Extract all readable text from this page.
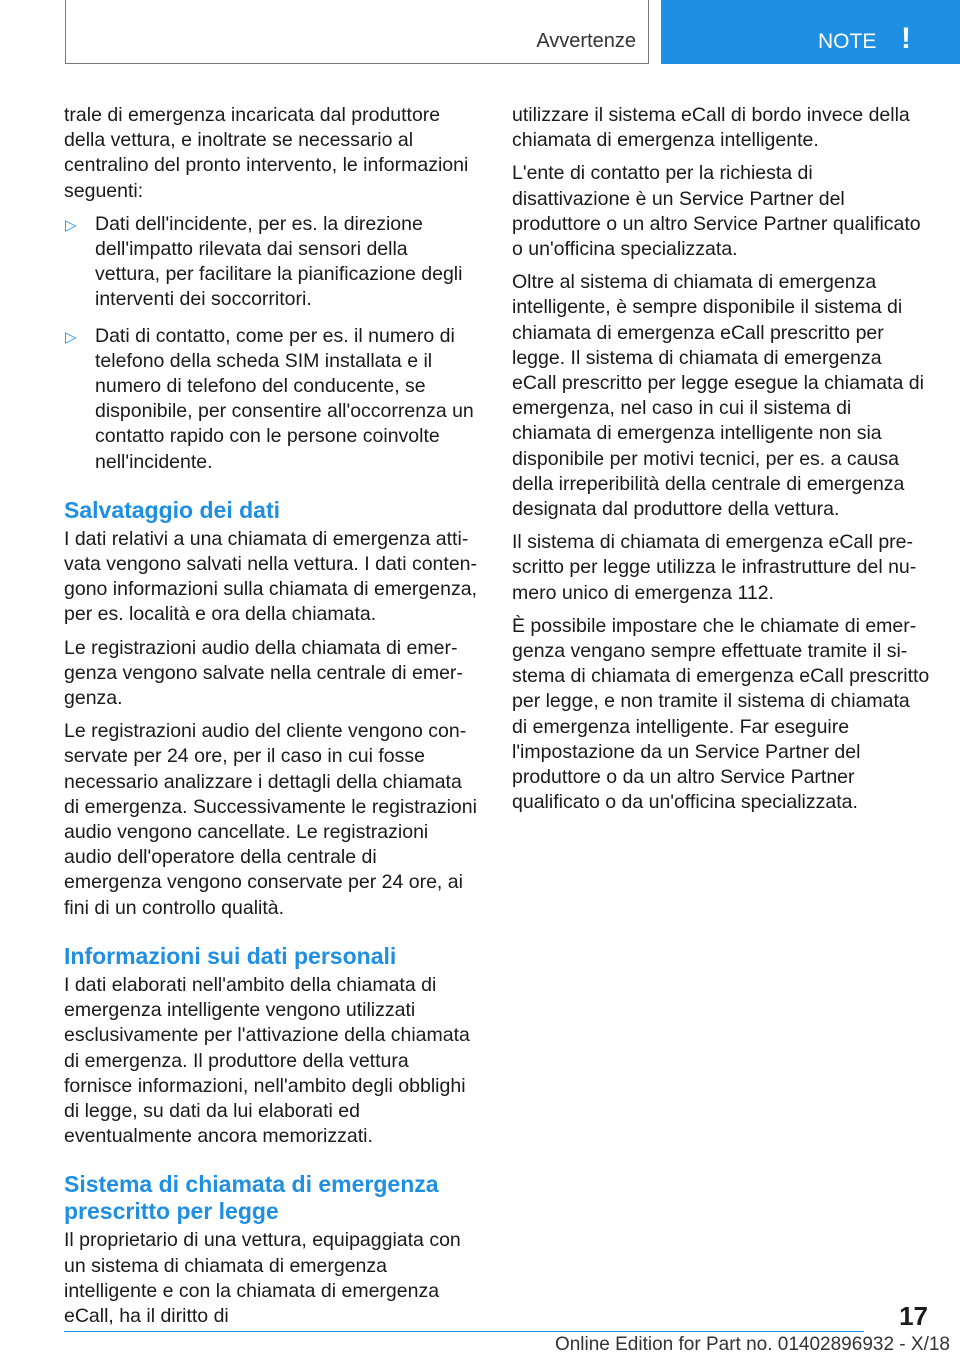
Avvertenze	NOTE !

trale di emergenza incaricata dal produttore della vettura, e inoltrate se necessario al centralino del pronto intervento, le informazioni seguenti:

▷ Dati dell'incidente, per es. la direzione dell'impatto rilevata dai sensori della vettura, per facilitare la pianificazione degli interventi dei soccorritori.
▷ Dati di contatto, come per es. il numero di telefono della scheda SIM installata e il numero di telefono del conducente, se disponibile, per consentire all'occorrenza un contatto rapido con le persone coinvolte nell'incidente.
Salvataggio dei dati

I dati relativi a una chiamata di emergenza attivata vengono salvati nella vettura. I dati contengono informazioni sulla chiamata di emergenza, per es. località e ora della chiamata.

Le registrazioni audio della chiamata di emergenza vengono salvate nella centrale di emergenza.

Le registrazioni audio del cliente vengono conservate per 24 ore, per il caso in cui fosse necessario analizzare i dettagli della chiamata di emergenza. Successivamente le registrazioni audio vengono cancellate. Le registrazioni audio dell'operatore della centrale di emergenza vengono conservate per 24 ore, ai fini di un controllo qualità.

Informazioni sui dati personali

I dati elaborati nell'ambito della chiamata di emergenza intelligente vengono utilizzati esclusivamente per l'attivazione della chiamata di emergenza. Il produttore della vettura fornisce informazioni, nell'ambito degli obblighi di legge, su dati da lui elaborati ed eventualmente ancora memorizzati.

Sistema di chiamata di emergenza prescritto per legge

Il proprietario di una vettura, equipaggiata con un sistema di chiamata di emergenza intelligente e con la chiamata di emergenza eCall, ha il diritto di

utilizzare il sistema eCall di bordo invece della chiamata di emergenza intelligente.

L'ente di contatto per la richiesta di disattivazione è un Service Partner del produttore o un altro Service Partner qualificato o un'officina specializzata.

Oltre al sistema di chiamata di emergenza intelligente, è sempre disponibile il sistema di chiamata di emergenza eCall prescritto per legge. Il sistema di chiamata di emergenza eCall prescritto per legge esegue la chiamata di emergenza, nel caso in cui il sistema di chiamata di emergenza intelligente non sia disponibile per motivi tecnici, per es. a causa della irreperibilità della centrale di emergenza designata dal produttore della vettura.

Il sistema di chiamata di emergenza eCall prescritto per legge utilizza le infrastrutture del numero unico di emergenza 112.

È possibile impostare che le chiamate di emergenza vengano sempre effettuate tramite il sistema di chiamata di emergenza eCall prescritto per legge, e non tramite il sistema di chiamata di emergenza intelligente. Far eseguire l'impostazione da un Service Partner del produttore o da un altro Service Partner qualificato o da un'officina specializzata.

17
Online Edition for Part no. 01402896932 - X/18
